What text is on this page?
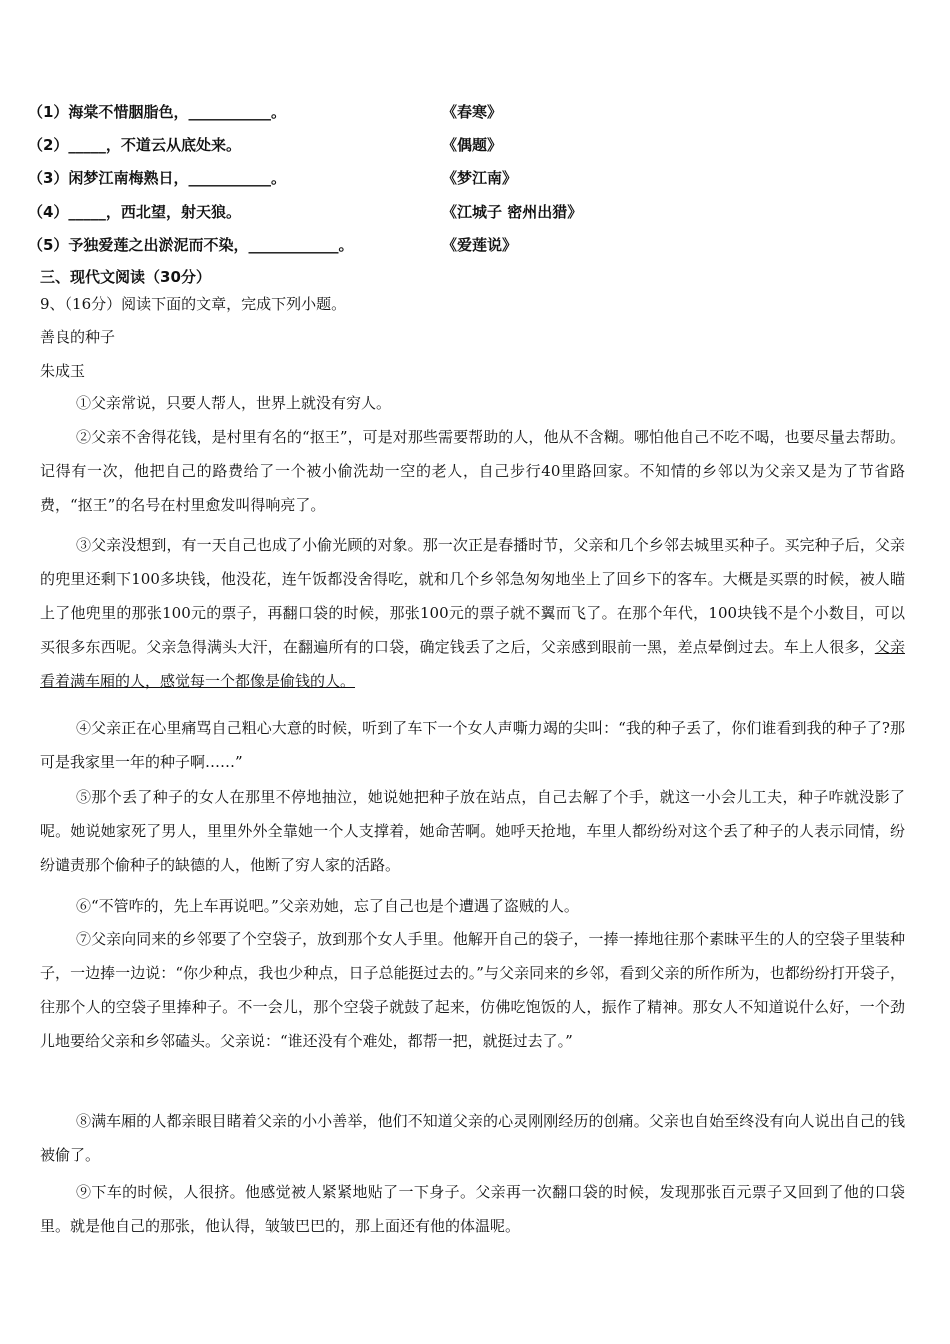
（1）海棠不惜胭脂色，___________。	《春寒》
（2）_____，不道云从底处来。	《偶题》
（3）闲梦江南梅熟日，___________。	《梦江南》
（4）_____，西北望，射天狼。	《江城子 密州出猎》
（5）予独爱莲之出淤泥而不染，____________。	《爱莲说》
三、现代文阅读（30分）
9、（16分）阅读下面的文章，完成下列小题。
善良的种子
朱成玉
①父亲常说，只要人帮人，世界上就没有穷人。
②父亲不舍得花钱，是村里有名的“抠王”，可是对那些需要帮助的人，他从不含糊。哪怕他自己不吃不喝，也要尽量去帮助。记得有一次，他把自己的路费给了一个被小偷洗劫一空的老人，自己步行40里路回家。不知情的乡邻以为父亲又是为了节省路费，“抠王”的名号在村里愈发叫得响亮了。
③父亲没想到，有一天自己也成了小偷光顾的对象。那一次正是春播时节，父亲和几个乡邻去城里买种子。买完种子后，父亲的兜里还剩下100多块钱，他没花，连午饭都没舍得吃，就和几个乡邻急匆匆地坐上了回乡下的客车。大概是买票的时候，被人瞄上了他兜里的那张100元的票子，再翻口袋的时候，那张100元的票子就不翼而飞了。在那个年代，100块钱不是个小数目，可以买很多东西呢。父亲急得满头大汗，在翻遍所有的口袋，确定钱丢了之后，父亲感到眼前一黑，差点晕倒过去。车上人很多，父亲看着满车厢的人，感觉每一个都像是偷钱的人。
④父亲正在心里痛骂自己粗心大意的时候，听到了车下一个女人声嘶力竭的尖叫：“我的种子丢了，你们谁看到我的种子了?那可是我家里一年的种子啊……”
⑤那个丢了种子的女人在那里不停地抽泣，她说她把种子放在站点，自己去解了个手，就这一小会儿工夫，种子咋就没影了呢。她说她家死了男人，里里外外全靠她一个人支撑着，她命苦啊。她呼天抢地，车里人都纷纷对这个丢了种子的人表示同情，纷纷谴责那个偷种子的缺德的人，他断了穷人家的活路。
⑥“不管咋的，先上车再说吧。”父亲劝她，忘了自己也是个遭遇了盗贼的人。
⑦父亲向同来的乡邻要了个空袋子，放到那个女人手里。他解开自己的袋子，一捧一捧地往那个素昧平生的人的空袋子里装种子，一边捧一边说：“你少种点，我也少种点，日子总能挺过去的。”与父亲同来的乡邻，看到父亲的所作所为，也都纷纷打开袋子，往那个人的空袋子里捧种子。不一会儿，那个空袋子就鼓了起来，仿佛吃饱饭的人，振作了精神。那女人不知道说什么好，一个劲儿地要给父亲和乡邻磕头。父亲说：“谁还没有个难处，都帮一把，就挺过去了。”
⑧满车厢的人都亲眼目睹着父亲的小小善举，他们不知道父亲的心灵刚刚经历的创痛。父亲也自始至终没有向人说出自己的钱被偷了。
⑨下车的时候，人很挤。他感觉被人紧紧地贴了一下身子。父亲再一次翻口袋的时候，发现那张百元票子又回到了他的口袋里。就是他自己的那张，他认得，皱皱巴巴的，那上面还有他的体温呢。
